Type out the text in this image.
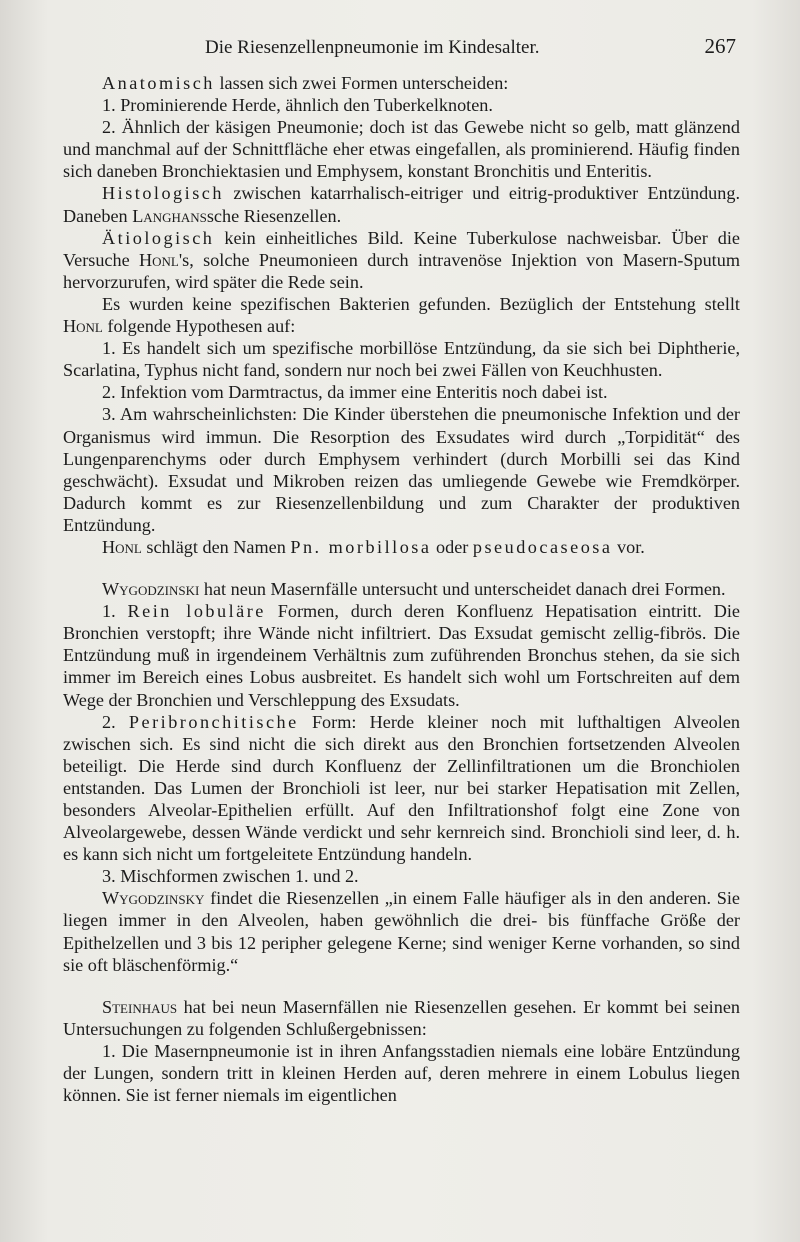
Die Riesenzellenpneumonie im Kindesalter.	267

Anatomisch lassen sich zwei Formen unterscheiden:

1. Prominierende Herde, ähnlich den Tuberkelknoten.

2. Ähnlich der käsigen Pneumonie; doch ist das Gewebe nicht so gelb, matt glänzend und manchmal auf der Schnittfläche eher etwas eingefallen, als prominierend. Häufig finden sich daneben Bronchiektasien und Emphysem, konstant Bronchitis und Enteritis.

Histologisch zwischen katarrhalisch-eitriger und eitrig-produktiver Entzündung. Daneben Langhanssche Riesenzellen.

Ätiologisch kein einheitliches Bild. Keine Tuberkulose nachweisbar. Über die Versuche Honl's, solche Pneumonieen durch intravenöse Injektion von Masern-Sputum hervorzurufen, wird später die Rede sein.

Es wurden keine spezifischen Bakterien gefunden. Bezüglich der Entstehung stellt Honl folgende Hypothesen auf:

1. Es handelt sich um spezifische morbillöse Entzündung, da sie sich bei Diphtherie, Scarlatina, Typhus nicht fand, sondern nur noch bei zwei Fällen von Keuchhusten.

2. Infektion vom Darmtractus, da immer eine Enteritis noch dabei ist.

3. Am wahrscheinlichsten: Die Kinder überstehen die pneumonische Infektion und der Organismus wird immun. Die Resorption des Exsudates wird durch „Torpidität“ des Lungenparenchyms oder durch Emphysem verhindert (durch Morbilli sei das Kind geschwächt). Exsudat und Mikroben reizen das umliegende Gewebe wie Fremdkörper. Dadurch kommt es zur Riesenzellenbildung und zum Charakter der produktiven Entzündung.

Honl schlägt den Namen Pn. morbillosa oder pseudocaseosa vor.

Wygodzinski hat neun Masernfälle untersucht und unterscheidet danach drei Formen.

1. Rein lobuläre Formen, durch deren Konfluenz Hepatisation eintritt. Die Bronchien verstopft; ihre Wände nicht infiltriert. Das Exsudat gemischt zellig-fibrös. Die Entzündung muß in irgendeinem Verhältnis zum zuführenden Bronchus stehen, da sie sich immer im Bereich eines Lobus ausbreitet. Es handelt sich wohl um Fortschreiten auf dem Wege der Bronchien und Verschleppung des Exsudats.

2. Peribronchitische Form: Herde kleiner noch mit lufthaltigen Alveolen zwischen sich. Es sind nicht die sich direkt aus den Bronchien fortsetzenden Alveolen beteiligt. Die Herde sind durch Konfluenz der Zellinfiltrationen um die Bronchiolen entstanden. Das Lumen der Bronchioli ist leer, nur bei starker Hepatisation mit Zellen, besonders Alveolar-Epithelien erfüllt. Auf den Infiltrationshof folgt eine Zone von Alveolargewebe, dessen Wände verdickt und sehr kernreich sind. Bronchioli sind leer, d. h. es kann sich nicht um fortgeleitete Entzündung handeln.

3. Mischformen zwischen 1. und 2.

Wygodzinsky findet die Riesenzellen „in einem Falle häufiger als in den anderen. Sie liegen immer in den Alveolen, haben gewöhnlich die drei- bis fünffache Größe der Epithelzellen und 3 bis 12 peripher gelegene Kerne; sind weniger Kerne vorhanden, so sind sie oft bläschenförmig.“

Steinhaus hat bei neun Masernfällen nie Riesenzellen gesehen. Er kommt bei seinen Untersuchungen zu folgenden Schlußergebnissen:

1. Die Masernpneumonie ist in ihren Anfangsstadien niemals eine lobäre Entzündung der Lungen, sondern tritt in kleinen Herden auf, deren mehrere in einem Lobulus liegen können. Sie ist ferner niemals im eigentlichen
